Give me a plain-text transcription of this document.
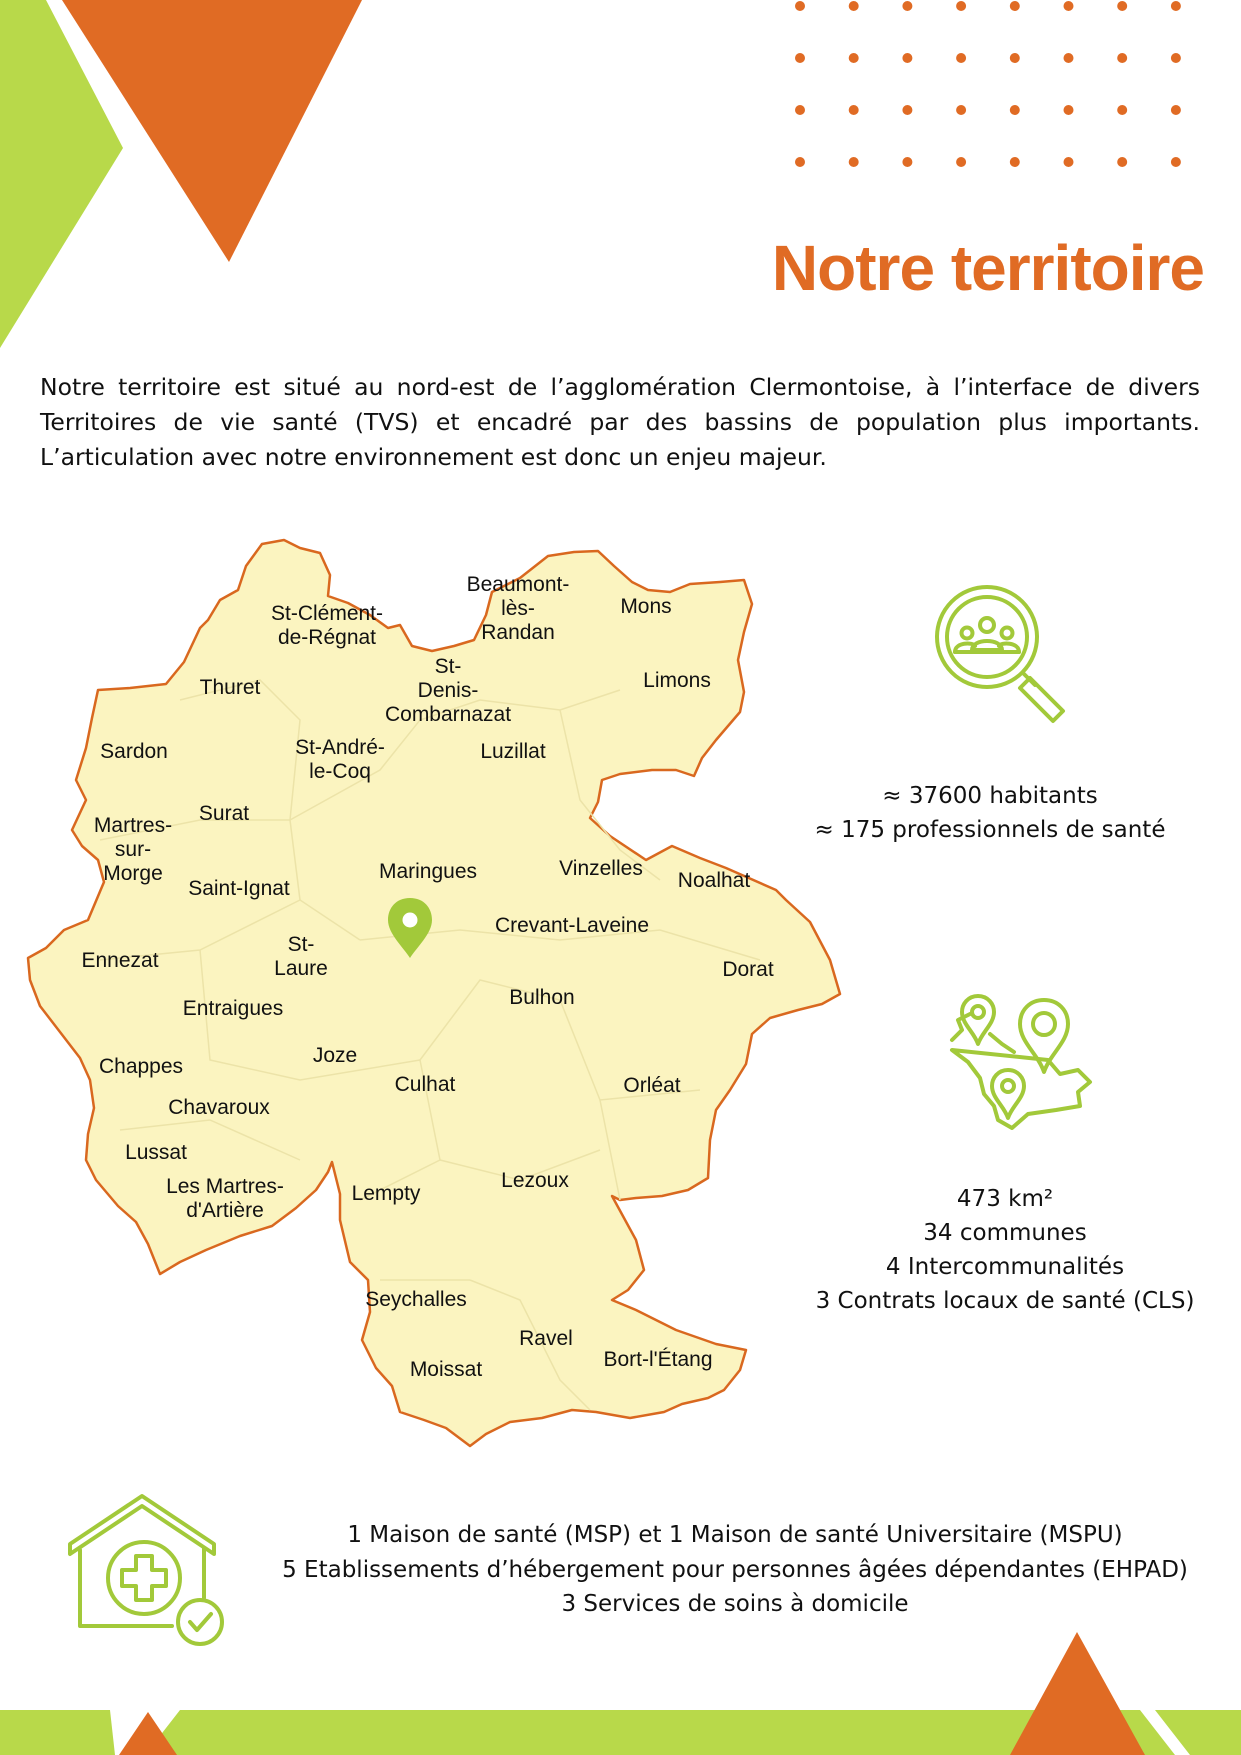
Notre territoire
Notre territoire est situé au nord-est de l’agglomération Clermontoise, à l’interface de divers Territoires de vie santé (TVS) et encadré par des bassins de population plus importants. L’articulation avec notre environnement est donc un enjeu majeur.
St-Clément-de-Régnat
Beaumont-lès-Randan
Mons
Thuret
St-Denis-Combarnazat
Limons
Sardon	St-André-le-Coq
Luzillat
Surat
Martres-sur-Morge	Maringues	Vinzelles
Noalhat
Saint-Ignat
Crevant-Laveine
Ennezat
St-Laure	Dorat
Bulhon
Entraigues
Joze
Chappes
Culhat	Orléat
Chavaroux
Lussat
Lezoux
Les Martres-d'Artière
Lempty
Seychalles
Ravel
Bort-l'Étang
Moissat
≈ 37600 habitants
≈ 175 professionnels de santé
473 km²
34 communes
4 Intercommunalités
3 Contrats locaux de santé (CLS)
1 Maison de santé (MSP) et 1 Maison de santé Universitaire (MSPU)
5 Etablissements d’hébergement pour personnes âgées dépendantes (EHPAD)
3 Services de soins à domicile
